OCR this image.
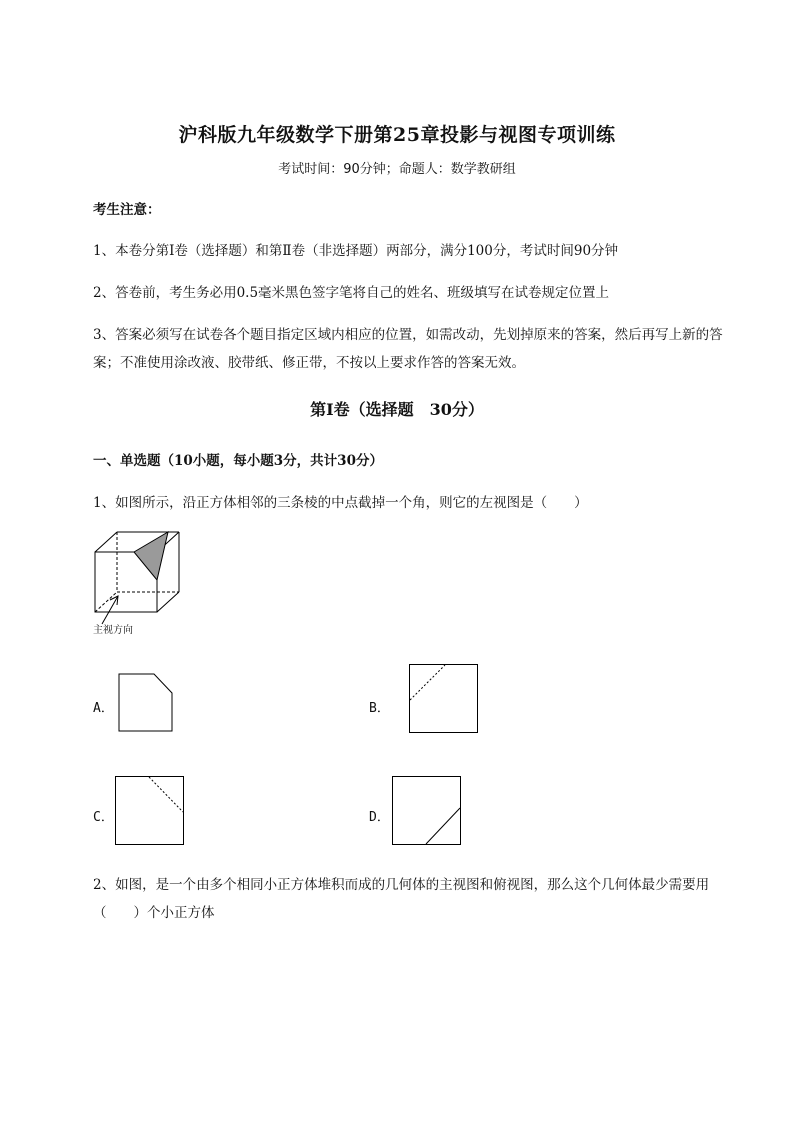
沪科版九年级数学下册第25章投影与视图专项训练
考试时间：90分钟；命题人：数学教研组
考生注意：
1、本卷分第I卷（选择题）和第Ⅱ卷（非选择题）两部分，满分100分，考试时间90分钟
2、答卷前，考生务必用0.5毫米黑色签字笔将自己的姓名、班级填写在试卷规定位置上
3、答案必须写在试卷各个题目指定区域内相应的位置，如需改动，先划掉原来的答案，然后再写上新的答案；不准使用涂改液、胶带纸、修正带，不按以上要求作答的答案无效。
第I卷（选择题　30分）
一、单选题（10小题，每小题3分，共计30分）
1、如图所示，沿正方体相邻的三条棱的中点截掉一个角，则它的左视图是（　　）
主视方向
A．	B．
C．	D．
2、如图，是一个由多个相同小正方体堆积而成的几何体的主视图和俯视图，那么这个几何体最少需要用（　　）个小正方体
